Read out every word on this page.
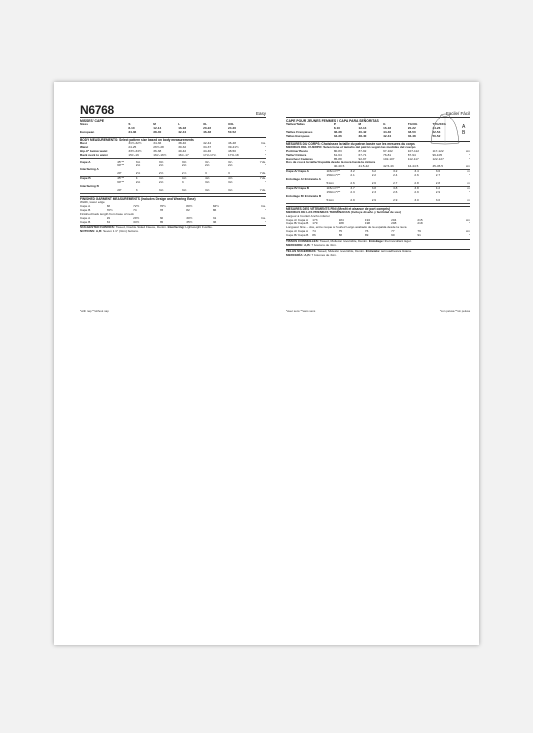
N6768	Easy
MISSES' CAPE
Sizes	S	M	L	XL	XXL	
	8-10	12-14	16-18	20-22	24-26	
European	34-36	38-40	42-44	46-48	50-52	
BODY MEASUREMENTS: Select pattern size based on body measurements
Bust	31½-32½	34-36	38-40	42-44	46-48	Ins.
Waist	24-25	26½-28	30-32	34-37	39-41½	"
Hip-9" below waist	33½-34½	36-38	40-42	44-46	48-50	"
Back neck to waist	15¾-16	16¼-16½	16¾-17	17⅛-17¼	17⅜-18	"
Cape A	45"**	3⅛	3⅜	3⅜	3¼	3¼	Yds.
	60"**	2⅛	2⅛	2⅛	2⅛	2⅛	"
Interfacing A							
	20"	2⅝	2⅝	2⅞	3	3	Yds.
Cape B	45"**	4	4⅛	4⅛	4⅛	4⅝	Yds.
	60"**	2⅛	2⅛	3	3⅛	3⅛	"
Interfacing B							
	20"	3	3⅛	3⅛	3⅛	3⅛	Yds.
FINISHED GARMENT MEASUREMENTS (Includes Design and Wearing Ease)
Width, lower edge						
Cape A	68	72½	76½	80½	84½	Ins.
Cape B	70½	74	78	82	86	"
Finished back length from base of neck						
Cape A	29	29½	30	30½	31	Ins.
Cape B	34	34½	35	35½	36	"
SUGGESTED FABRICS: Tweed, Double Sided Fleece, Denim. Interfacing: Lightweight Fusible.
NOTIONS: A,B: Seven 1⅞" (3cm) buttons.
*with nap **without nap
Facile/ Fácil
CAPE POUR JEUNES FEMMES / CAPA PARA SEÑORITAS
Tailles/Tallas	P	M	G	TG/XG	TTG/XXG	
	8-10	12-14	16-18	20-22	24-26	
Tailles Françaises	36-38	40-42	44-46	48-50	52-54	
Tallas Europeas	34-36	38-40	42-44	46-48	50-52	
MESURES DU CORPS: Choisissez la taille du patron basée sur les mesures du corps
MEDIDAS DEL CUERPO: Seleccione el tamaño del patrón según las medidas del cuerpo
Poitrine/ Busto	80-83	87-92	97-102	107-112	117-122	cm
Taille/ Cintura	61-64	67-71	76-81	87-94	99-105	"
Hanches/ Caderas	85-88	92-97	102-107	112-117	122-127	"
Dos de cou à la taille/ Espalda desde la nuca hasta la cintura						
	40-40.5	41.5-42	42.5-43	44-44.5	45-45.5	cm
Cape A/ Capa A	115cm*/**	3.2	3.2	3.2	3.4	3.6	m
	150cm*/**	2.1	2.2	2.4	2.6	2.7	"
Entoilage A/ Entretela A							
	51cm	2.6	2.6	2.7	2.8	2.8	m
Cape B/ Capa B	115cm*/**	3.7	3.8	3.8	3.8	4.2	m
	150cm*/**	2.3	2.3	2.6	2.9	2.9	"
Entoilage B/ Entretela B							
	51cm	2.9	2.9	2.9	3.0	3.0	m
MESURES DES VÊTEMENTS FINI (Mesfit et aisance de port compris)
MEDIDAS DE LAS PRENDAS TERMINADAS (Incluye diseño y facilidad de uso)
Largeur à l'ourlet/ Ancho inferior						
Cape A/ Capa A	173	184	194	204	215	cm
Cape B/ Capa B	179	188	198	208	218	"
Longueur finie – dos, entre nuque à l'ourlet/ Largo acabado de la espalda desde la nuca						
Cape A/ Capa A	74	75	76	77	79	cm
Cape B/ Capa B	86	88	89	90	91	"
TISSUS CONSEILLÉS: Tweed, Molleton réversible, Denim. Entoilage: thermocollant léger.
MERCERIE: A,B: 7 boutons de 3cm.
TELAS SUGERIDAS: Tweed, Muletón reversible, Denim. Entretela: termoadhesiva liviana.
MERCERÍA: A,B: 7 botones de 3cm.
*avec sens **sans sens	*con pelusa **sin pelusa
A
B
